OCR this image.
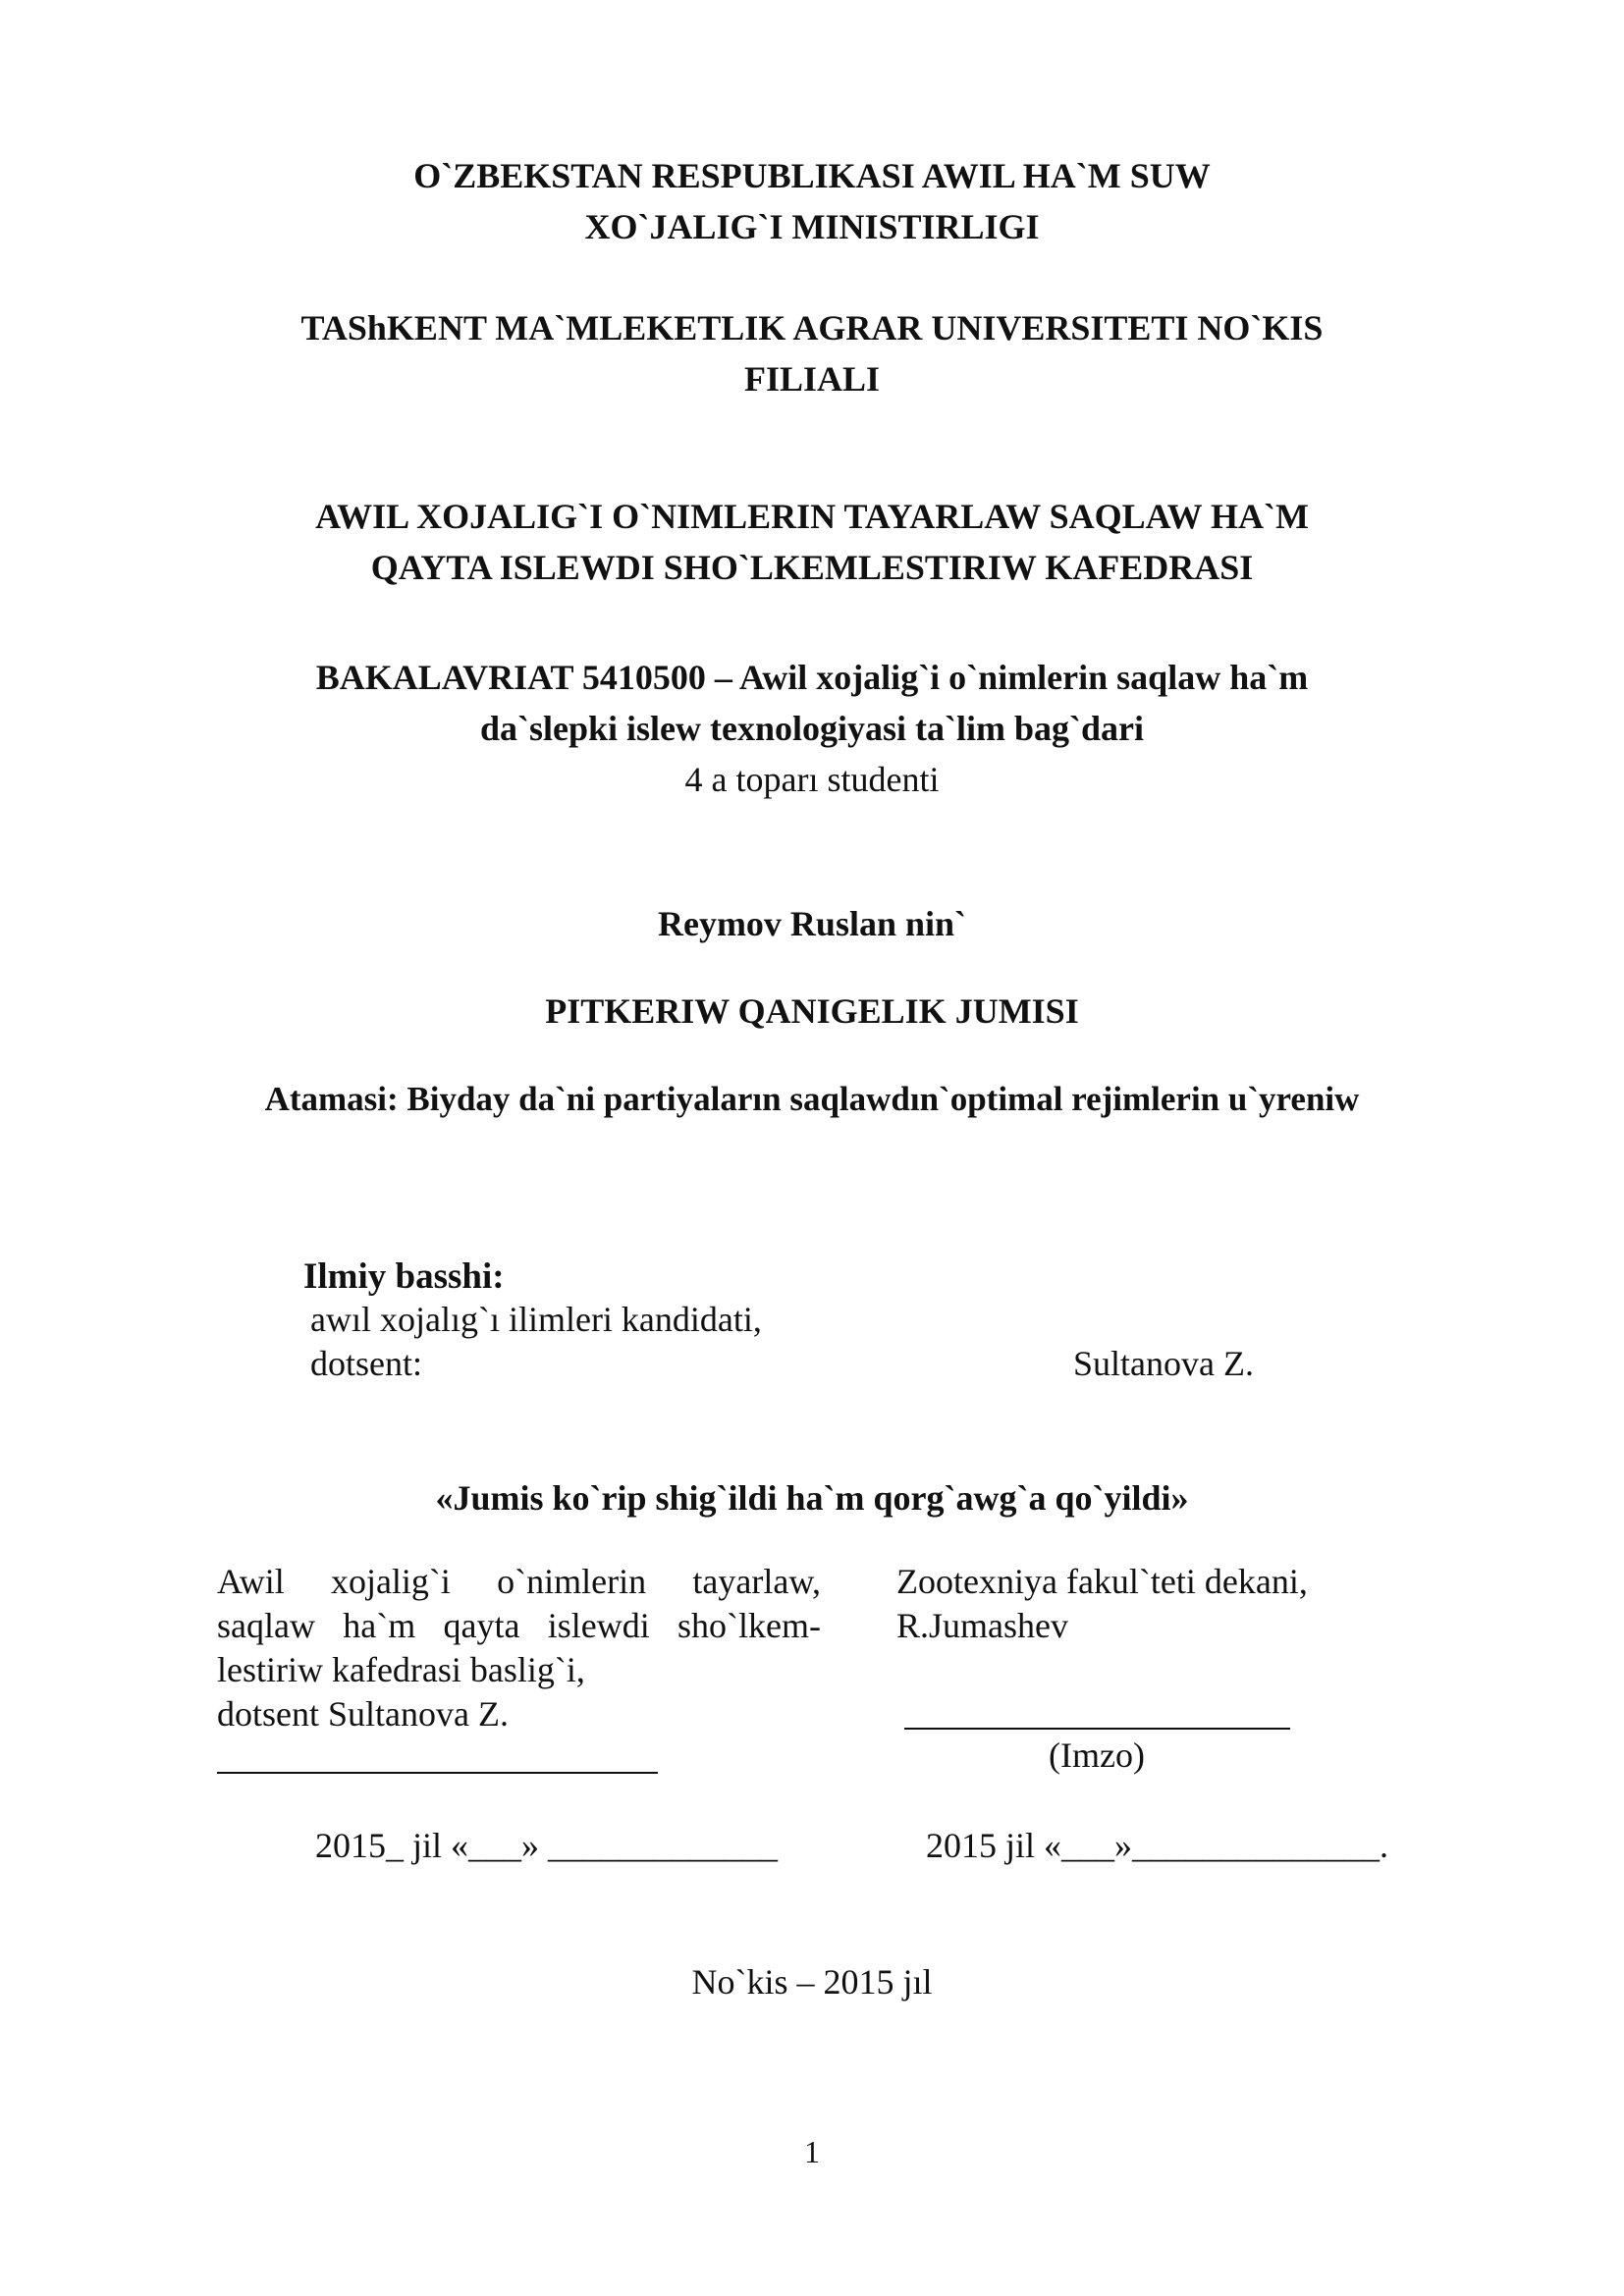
O`ZBEKSTAN RESPUBLIKASI AWIL HA`M SUW
XO`JALIG`I MINISTIRLIGI
TAShKENT MA`MLEKETLIK AGRAR UNIVERSITETI NO`KIS
FILIALI
AWIL XOJALIG`I O`NIMLERIN TAYARLAW SAQLAW HA`M
QAYTA ISLEWDI SHO`LKEMLESTIRIW KAFEDRASI
BAKALAVRIAT 5410500 – Awil xojalig`i o`nimlerin saqlaw ha`m
da`slepki islew texnologiyasi ta`lim bag`dari
4 a toparı studenti
Reymov Ruslan nin`
PITKERIW QANIGELIK JUMISI
Atamasi: Biyday da`ni partiyaların saqlawdın`optimal rejimlerin u`yreniw
Ilmiy basshi:
awıl xojalıg`ı ilimleri kandidati,
dotsent:	Sultanova Z.
«Jumis ko`rip shig`ildi ha`m qorg`awg`a qo`yildi»
Awil xojalig`i o`nimlerin tayarlaw,
saqlaw ha`m qayta islewdi sho`lkem-
lestiriw kafedrasi baslig`i,
dotsent Sultanova Z.
Zootexniya fakul`teti dekani,
R.Jumashev
(Imzo)
2015_ jil «___» _____________	2015 jil «___»______________.
No`kis – 2015 jıl
1
